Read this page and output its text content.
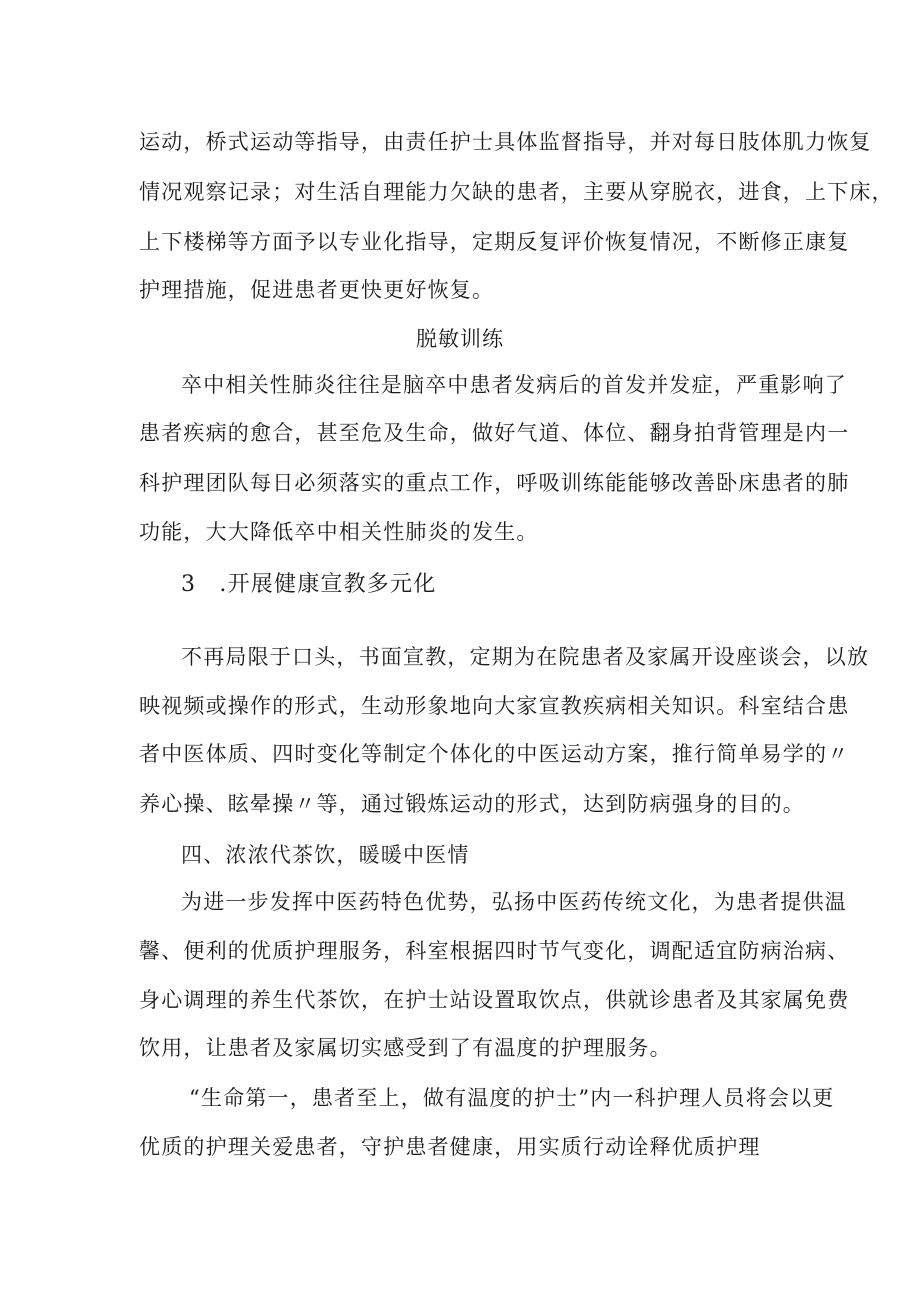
运动，桥式运动等指导，由责任护士具体监督指导，并对每日肢体肌力恢复
情况观察记录；对生活自理能力欠缺的患者，主要从穿脱衣，进食，上下床，
上下楼梯等方面予以专业化指导，定期反复评价恢复情况，不断修正康复
护理措施，促进患者更快更好恢复。
脱敏训练
卒中相关性肺炎往往是脑卒中患者发病后的首发并发症，严重影响了
患者疾病的愈合，甚至危及生命，做好气道、体位、翻身拍背管理是内一
科护理团队每日必须落实的重点工作，呼吸训练能能够改善卧床患者的肺
功能，大大降低卒中相关性肺炎的发生。
3　.开展健康宣教多元化
不再局限于口头，书面宣教，定期为在院患者及家属开设座谈会，以放
映视频或操作的形式，生动形象地向大家宣教疾病相关知识。科室结合患
者中医体质、四时变化等制定个体化的中医运动方案，推行简单易学的〃
养心操、眩晕操〃等，通过锻炼运动的形式，达到防病强身的目的。
四、浓浓代茶饮，暖暖中医情
为进一步发挥中医药特色优势，弘扬中医药传统文化，为患者提供温
馨、便利的优质护理服务，科室根据四时节气变化，调配适宜防病治病、
身心调理的养生代茶饮，在护士站设置取饮点，供就诊患者及其家属免费
饮用，让患者及家属切实感受到了有温度的护理服务。
“生命第一，患者至上，做有温度的护士”内一科护理人员将会以更
优质的护理关爱患者，守护患者健康，用实质行动诠释优质护理
